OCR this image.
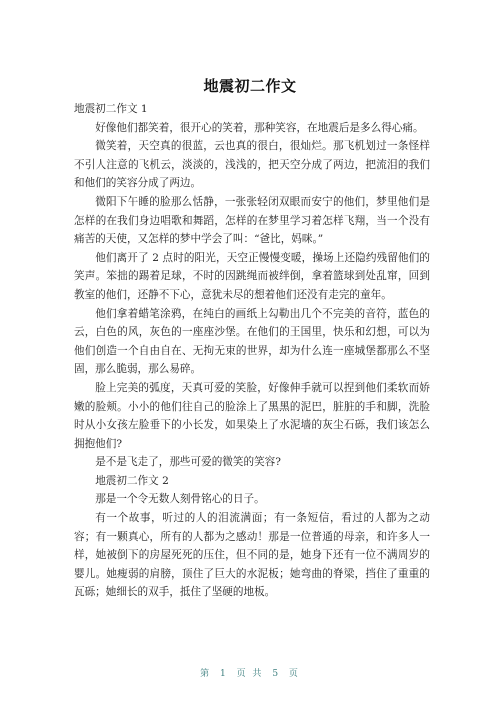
地震初二作文

地震初二作文 1

好像他们都笑着，很开心的笑着，那种笑容，在地震后是多么得心痛。

微笑着，天空真的很蓝，云也真的很白，很灿烂。那飞机划过一条怪样不引人注意的飞机云，淡淡的，浅浅的，把天空分成了两边，把流泪的我们和他们的笑容分成了两边。

微阳下午睡的脸那么恬静，一张张轻闭双眼而安宁的他们，梦里他们是怎样的在我们身边唱歌和舞蹈，怎样的在梦里学习着怎样飞翔，当一个没有痛苦的天使，又怎样的梦中学会了叫：“爸比，妈咪。”

他们离开了 2 点时的阳光，天空正慢慢变暖，操场上还隐约残留他们的笑声。笨拙的踢着足球，不时的因跳绳而被绊倒，拿着篮球到处乱窜，回到教室的他们，还静不下心，意犹未尽的想着他们还没有走完的童年。

他们拿着蜡笔涂鸦，在纯白的画纸上勾勒出几个不完美的音符，蓝色的云，白色的风，灰色的一座座沙堡。在他们的王国里，快乐和幻想，可以为他们创造一个自由自在、无拘无束的世界，却为什么连一座城堡都那么不坚固，那么脆弱，那么易碎。

脸上完美的弧度，天真可爱的笑脸，好像伸手就可以捏到他们柔软而娇嫩的脸颊。小小的他们往自己的脸涂上了黑黑的泥巴，脏脏的手和脚，洗脸时从小女孩左脸垂下的小长发，如果染上了水泥墙的灰尘石砾，我们该怎么拥抱他们?

是不是飞走了，那些可爱的微笑的笑容?

地震初二作文 2

那是一个令无数人刻骨铭心的日子。

有一个故事，听过的人的泪流满面；有一条短信，看过的人都为之动容；有一颗真心，所有的人都为之感动！那是一位普通的母亲，和许多人一样，她被倒下的房屋死死的压住，但不同的是，她身下还有一位不满周岁的婴儿。她瘦弱的肩膀，顶住了巨大的水泥板；她弯曲的脊梁，挡住了重重的瓦砾；她细长的双手，抵住了坚硬的地板。

第 1 页 共 5 页
